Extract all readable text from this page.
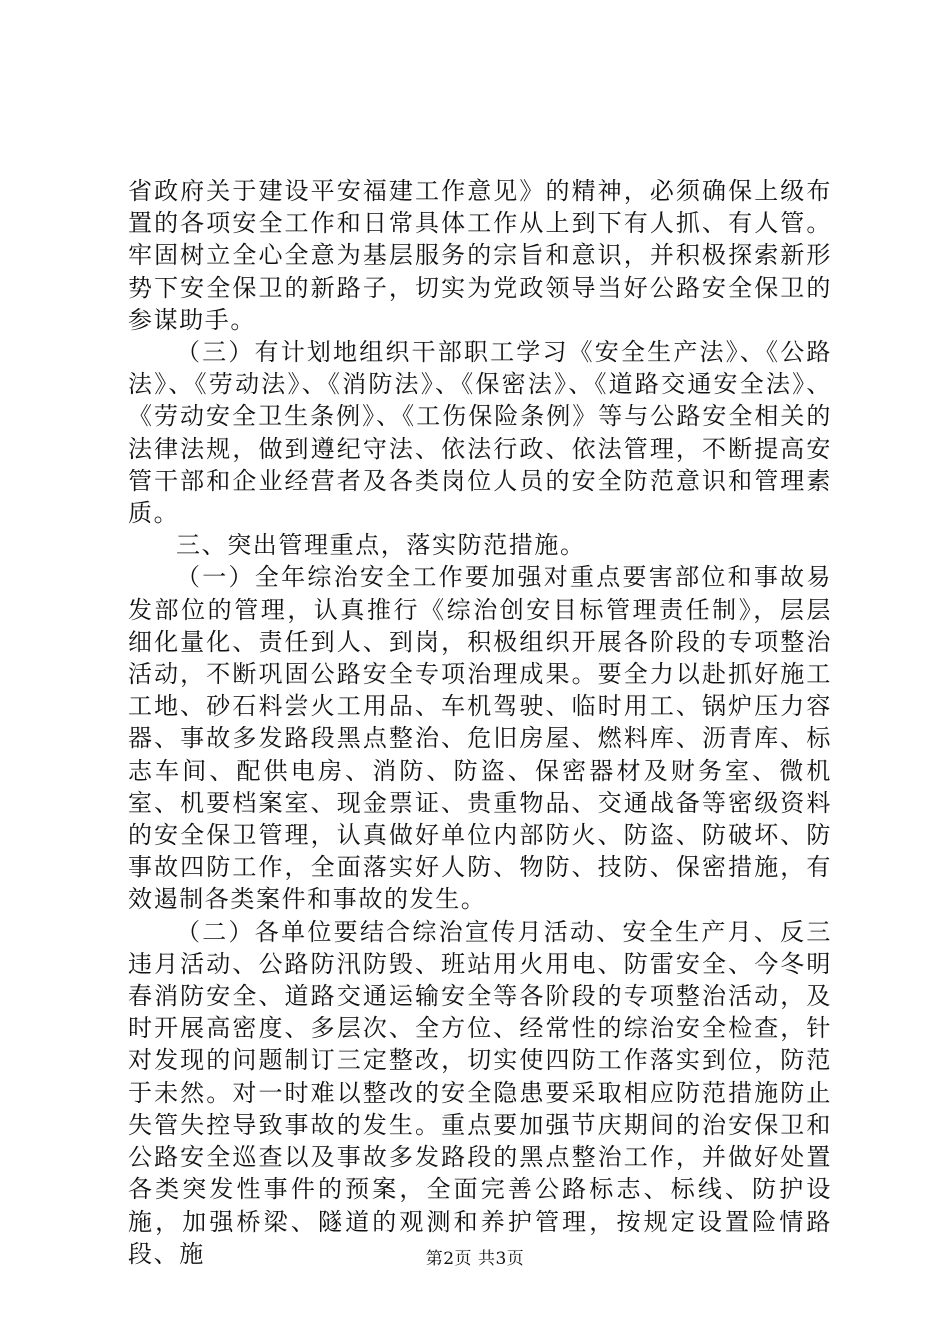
省政府关于建设平安福建工作意见》的精神，必须确保上级布置的各项安全工作和日常具体工作从上到下有人抓、有人管。牢固树立全心全意为基层服务的宗旨和意识，并积极探索新形势下安全保卫的新路子，切实为党政领导当好公路安全保卫的参谋助手。

（三）有计划地组织干部职工学习《安全生产法》、《公路法》、《劳动法》、《消防法》、《保密法》、《道路交通安全法》、《劳动安全卫生条例》、《工伤保险条例》等与公路安全相关的法律法规，做到遵纪守法、依法行政、依法管理，不断提高安管干部和企业经营者及各类岗位人员的安全防范意识和管理素质。

三、突出管理重点，落实防范措施。

（一）全年综治安全工作要加强对重点要害部位和事故易发部位的管理，认真推行《综治创安目标管理责任制》，层层细化量化、责任到人、到岗，积极组织开展各阶段的专项整治活动，不断巩固公路安全专项治理成果。要全力以赴抓好施工工地、砂石料尝火工用品、车机驾驶、临时用工、锅炉压力容器、事故多发路段黑点整治、危旧房屋、燃料库、沥青库、标志车间、配供电房、消防、防盗、保密器材及财务室、微机室、机要档案室、现金票证、贵重物品、交通战备等密级资料的安全保卫管理，认真做好单位内部防火、防盗、防破坏、防事故四防工作，全面落实好人防、物防、技防、保密措施，有效遏制各类案件和事故的发生。

（二）各单位要结合综治宣传月活动、安全生产月、反三违月活动、公路防汛防毁、班站用火用电、防雷安全、今冬明春消防安全、道路交通运输安全等各阶段的专项整治活动，及时开展高密度、多层次、全方位、经常性的综治安全检查，针对发现的问题制订三定整改，切实使四防工作落实到位，防范于未然。对一时难以整改的安全隐患要采取相应防范措施防止失管失控导致事故的发生。重点要加强节庆期间的治安保卫和公路安全巡查以及事故多发路段的黑点整治工作，并做好处置各类突发性事件的预案，全面完善公路标志、标线、防护设施，加强桥梁、隧道的观测和养护管理，按规定设置险情路段、施	第2页 共3页
